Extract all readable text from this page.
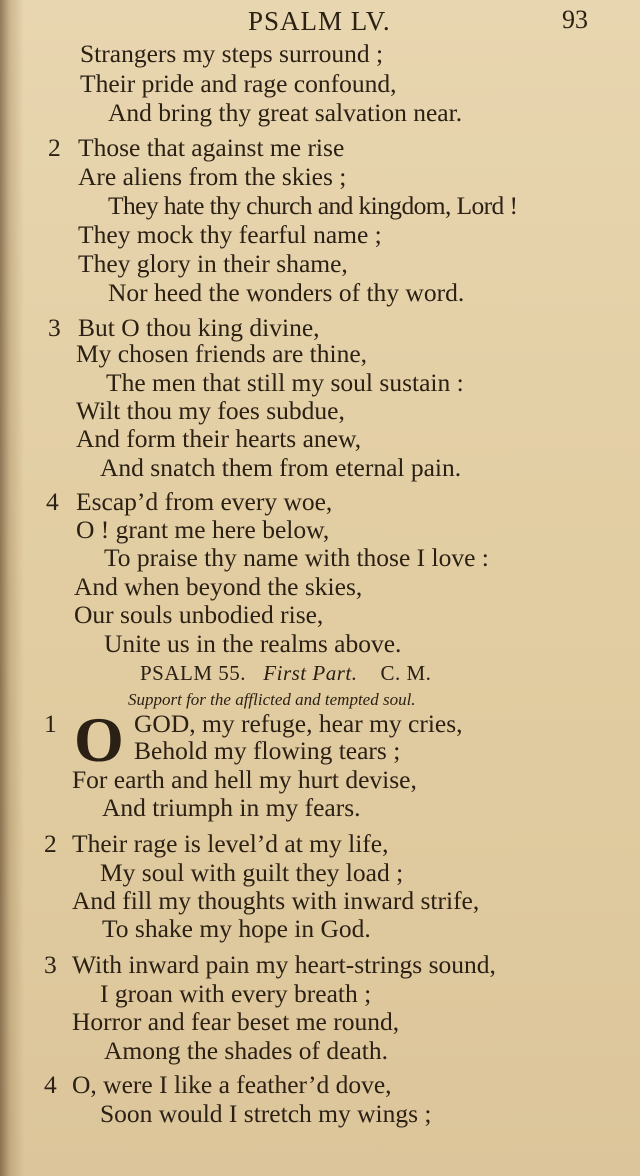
PSALM LV.	93
Strangers my steps surround ;
Their pride and rage confound,
And bring thy great salvation near.
2 Those that against me rise
Are aliens from the skies ;
They hate thy church and kingdom, Lord !
They mock thy fearful name ;
They glory in their shame,
Nor heed the wonders of thy word.
3 But O thou king divine,
My chosen friends are thine,
The men that still my soul sustain :
Wilt thou my foes subdue,
And form their hearts anew,
And snatch them from eternal pain.
4 Escap’d from every woe,
O ! grant me here below,
To praise thy name with those I love :
And when beyond the skies,
Our souls unbodied rise,
Unite us in the realms above.
PSALM 55. First Part. C. M.
Support for the afflicted and tempted soul.
1 O GOD, my refuge, hear my cries,
Behold my flowing tears ;
For earth and hell my hurt devise,
And triumph in my fears.
2 Their rage is level’d at my life,
My soul with guilt they load ;
And fill my thoughts with inward strife,
To shake my hope in God.
3 With inward pain my heart-strings sound,
I groan with every breath ;
Horror and fear beset me round,
Among the shades of death.
4 O, were I like a feather’d dove,
Soon would I stretch my wings ;
